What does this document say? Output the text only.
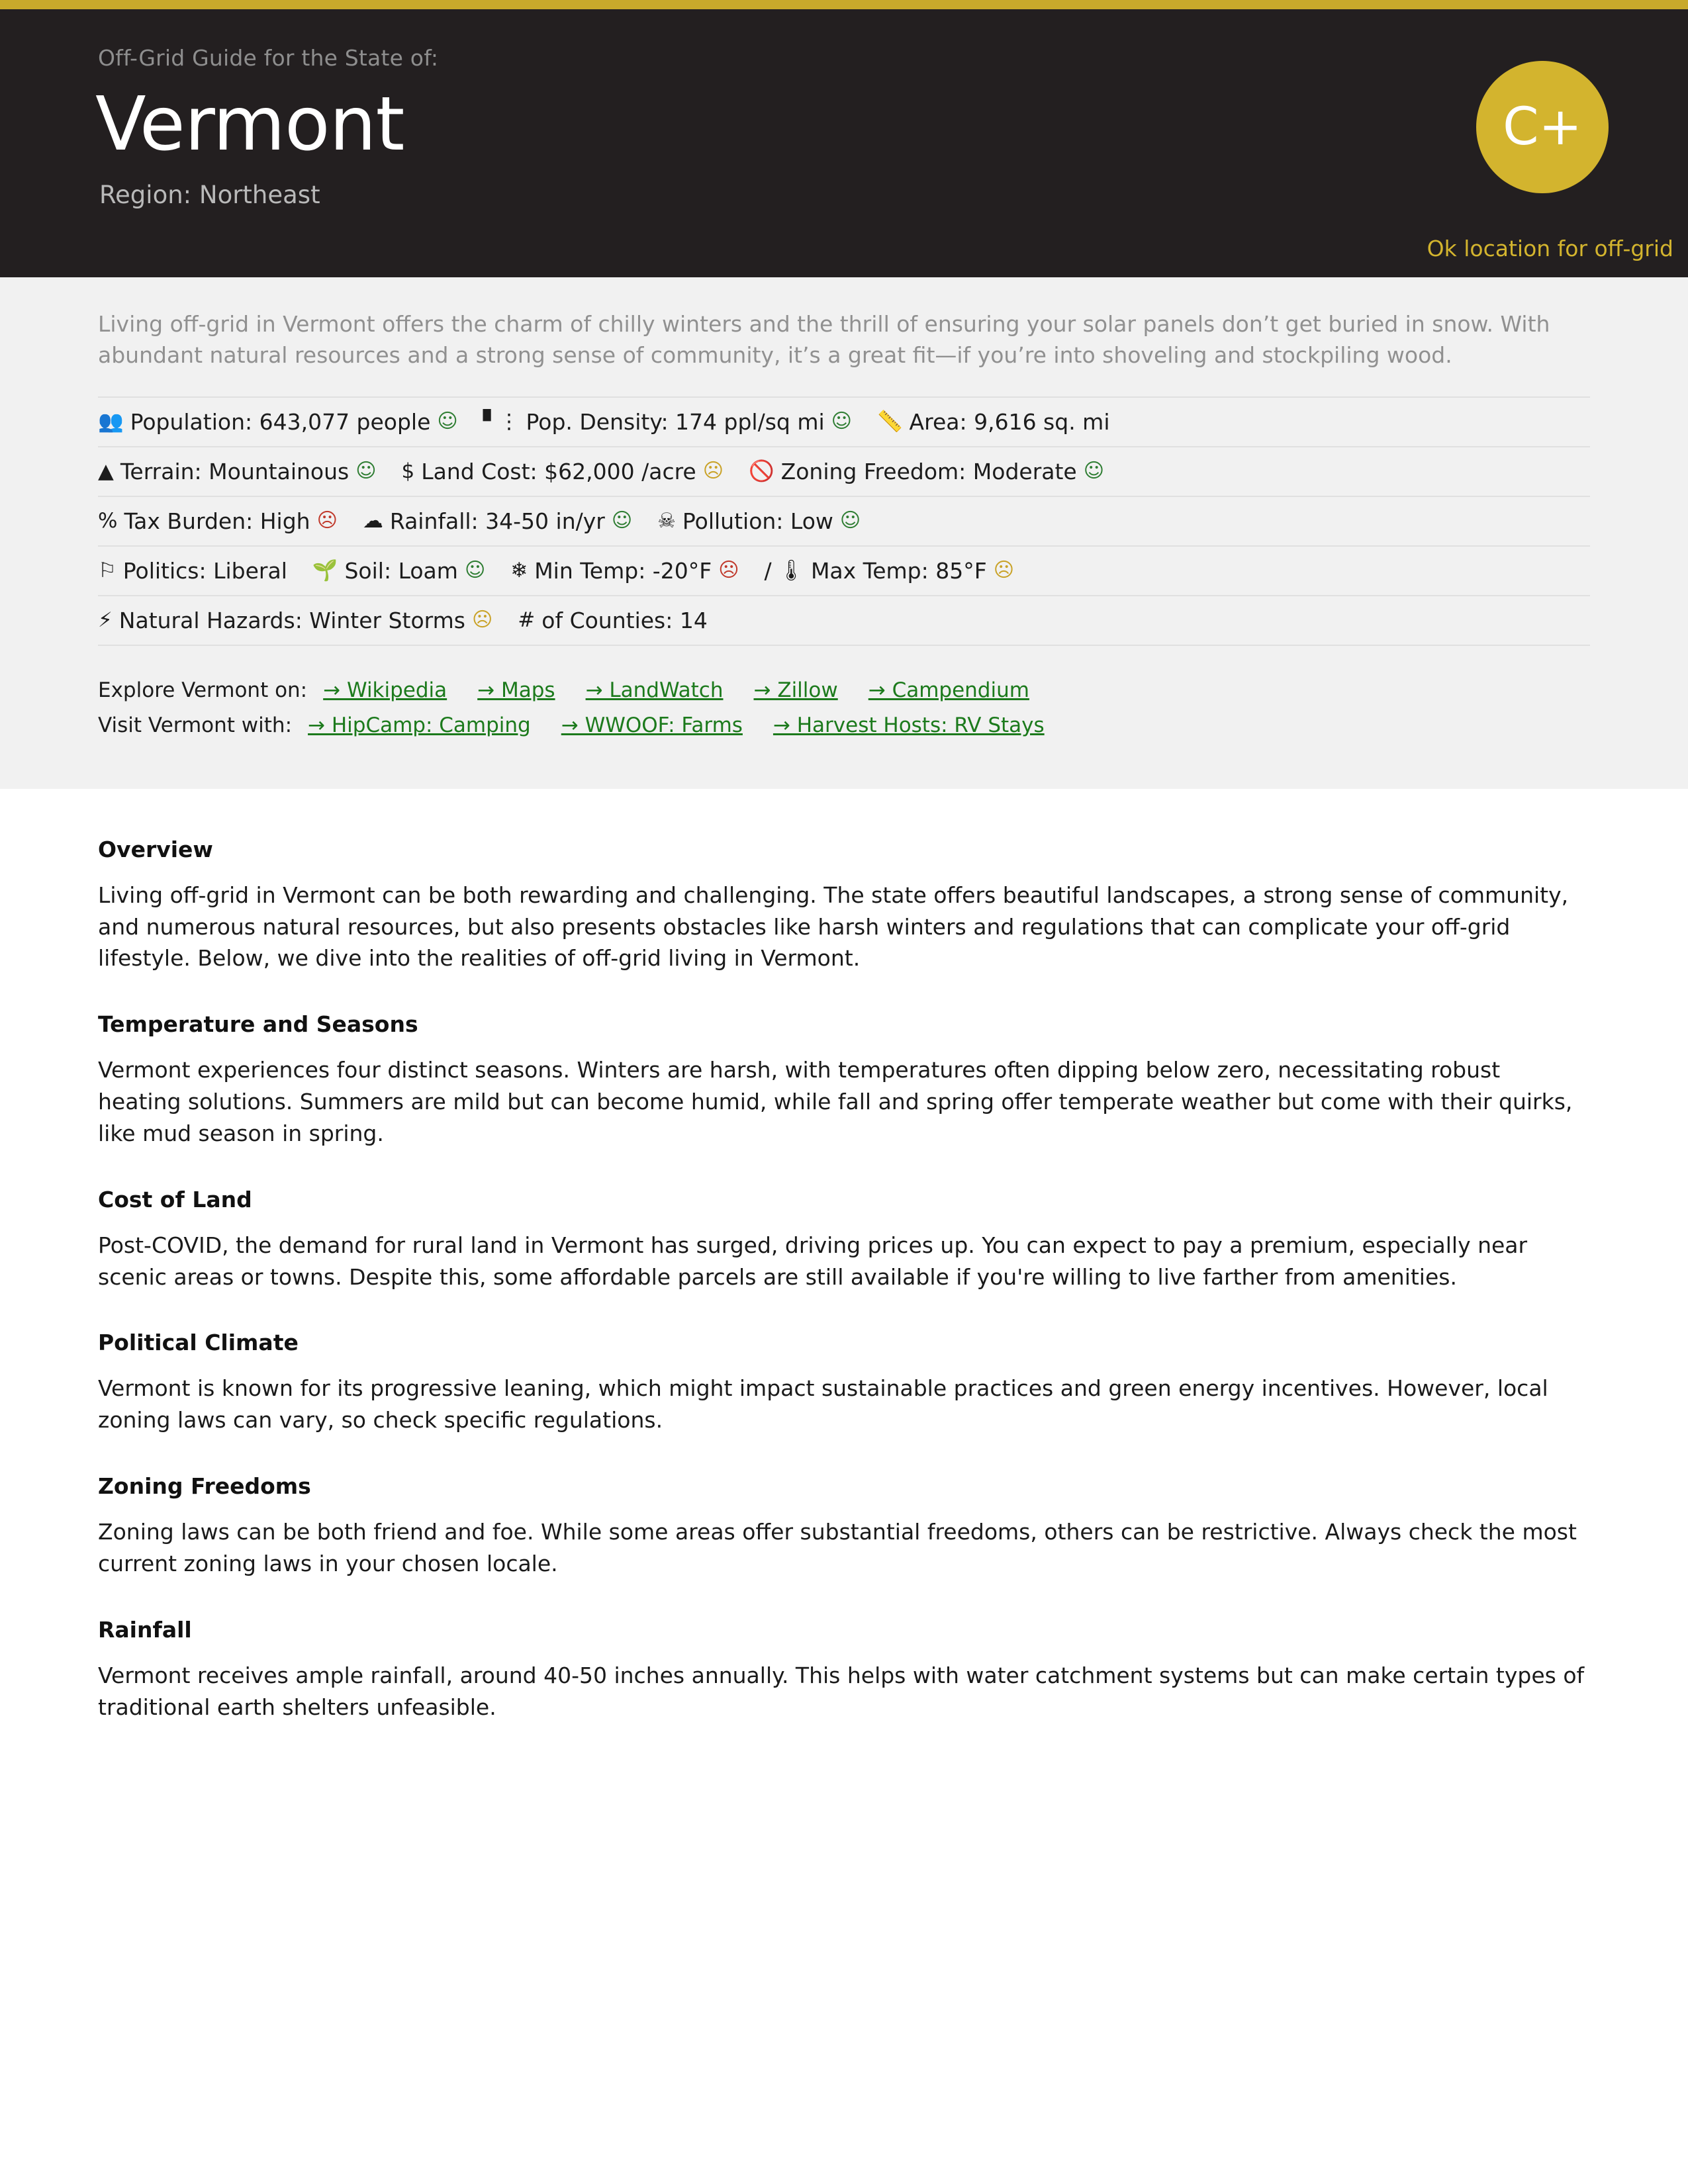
Off-Grid Guide for the State of:
Vermont
Region: Northeast
C+
Ok location for off-grid

Living off-grid in Vermont offers the charm of chilly winters and the thrill of ensuring your solar panels don’t get buried in snow. With abundant natural resources and a strong sense of community, it’s a great fit—if you’re into shoveling and stockpiling wood.

👥 Population: 643,077 people ☺ ▘⋮ Pop. Density: 174 ppl/sq mi ☺ 📏 Area: 9,616 sq. mi
▲ Terrain: Mountainous ☺ $ Land Cost: $62,000 /acre ☹ 🚫 Zoning Freedom: Moderate ☺
% Tax Burden: High ☹ ☁ Rainfall: 34-50 in/yr ☺ ☠ Pollution: Low ☺
⚐ Politics: Liberal 🌱 Soil: Loam ☺ ❄ Min Temp: -20°F ☹ / 🌡 Max Temp: 85°F ☹
⚡ Natural Hazards: Winter Storms ☹ # of Counties: 14
Explore Vermont on: → Wikipedia → Maps → LandWatch → Zillow → Campendium
Visit Vermont with: → HipCamp: Camping → WWOOF: Farms → Harvest Hosts: RV Stays
Overview

Living off-grid in Vermont can be both rewarding and challenging. The state offers beautiful landscapes, a strong sense of community, and numerous natural resources, but also presents obstacles like harsh winters and regulations that can complicate your off-grid lifestyle. Below, we dive into the realities of off-grid living in Vermont.

Temperature and Seasons

Vermont experiences four distinct seasons. Winters are harsh, with temperatures often dipping below zero, necessitating robust heating solutions. Summers are mild but can become humid, while fall and spring offer temperate weather but come with their quirks, like mud season in spring.

Cost of Land

Post-COVID, the demand for rural land in Vermont has surged, driving prices up. You can expect to pay a premium, especially near scenic areas or towns. Despite this, some affordable parcels are still available if you're willing to live farther from amenities.

Political Climate

Vermont is known for its progressive leaning, which might impact sustainable practices and green energy incentives. However, local zoning laws can vary, so check specific regulations.

Zoning Freedoms

Zoning laws can be both friend and foe. While some areas offer substantial freedoms, others can be restrictive. Always check the most current zoning laws in your chosen locale.

Rainfall

Vermont receives ample rainfall, around 40-50 inches annually. This helps with water catchment systems but can make certain types of traditional earth shelters unfeasible.
